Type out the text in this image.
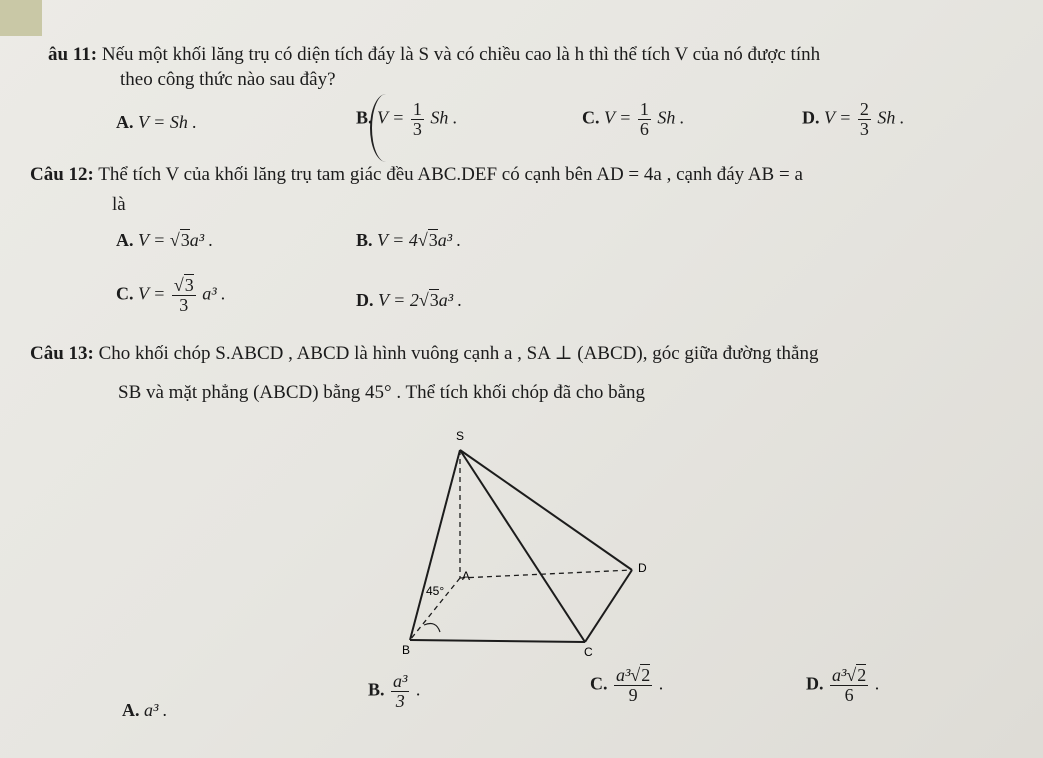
âu 11: Nếu một khối lăng trụ có diện tích đáy là S và có chiều cao là h thì thể tích V của nó được tính
theo công thức nào sau đây?
A. V = Sh .	B. $V = \frac{1}{3}$ Sh .	C. $V = \frac{1}{6}$ Sh .	D. $V = \frac{2}{3}$ Sh .
Câu 12: Thể tích V của khối lăng trụ tam giác đều ABC.DEF có cạnh bên AD = 4a , cạnh đáy AB = a
là
A. V = √3a³ .	B. V = 4√3a³ .
C. $V = \frac{√3}{3} a^3$ .	D. V = 2√3a³ .
Câu 13: Cho khối chóp S.ABCD , ABCD là hình vuông cạnh a , SA ⊥ (ABCD), góc giữa đường thẳng
SB và mặt phẳng (ABCD) bằng 45° . Thể tích khối chóp đã cho bằng
S
A
B	C
D
45°
A. a³ .
B. $\frac{\text{a³}}{3}$ .	C. $\frac{\text{a³√2}}{9}$ .	D. $\frac{\text{a³√2}}{6}$ .
